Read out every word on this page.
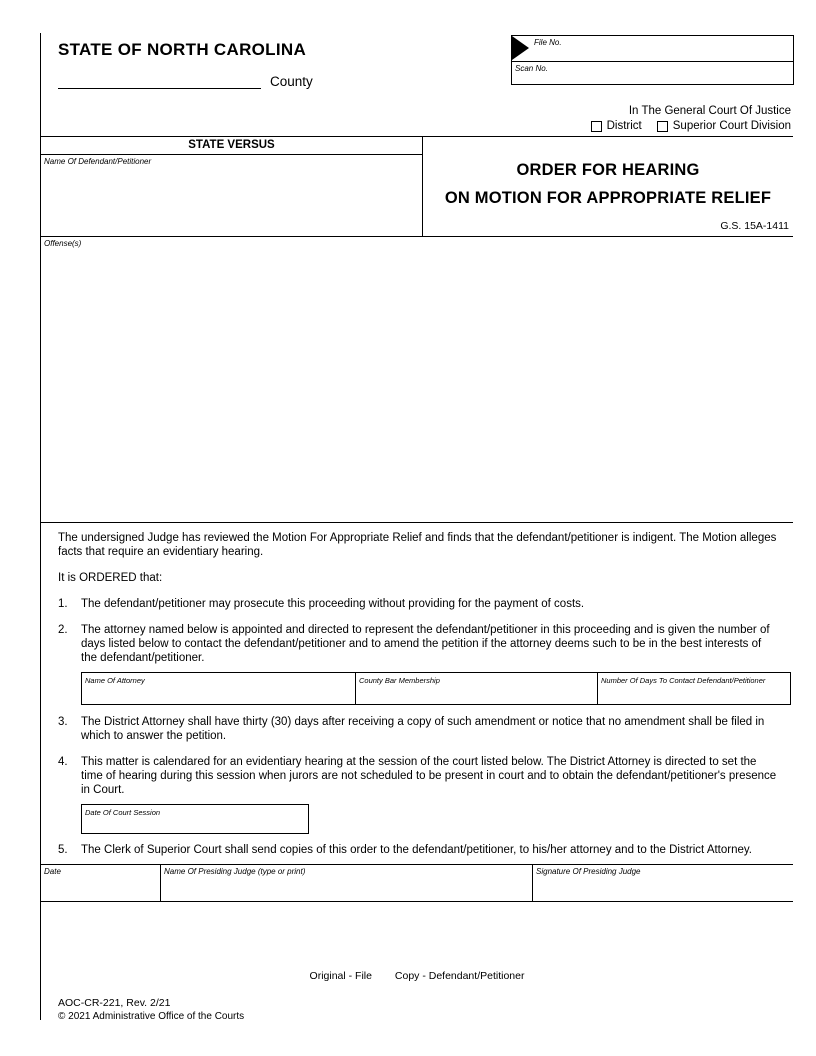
STATE OF NORTH CAROLINA
County
File No.
Scan No.
In The General Court Of Justice
District	Superior Court Division
STATE VERSUS
Name Of Defendant/Petitioner	ORDER FOR HEARING
ON MOTION FOR APPROPRIATE RELIEF
G.S. 15A-1411
Offense(s)

The undersigned Judge has reviewed the Motion For Appropriate Relief and finds that the defendant/petitioner is indigent. The Motion alleges facts that require an evidentiary hearing.

It is ORDERED that:

1.	The defendant/petitioner may prosecute this proceeding without providing for the payment of costs.
2.	The attorney named below is appointed and directed to represent the defendant/petitioner in this proceeding and is given the number of days listed below to contact the defendant/petitioner and to amend the petition if the attorney deems such to be in the best interests of the defendant/petitioner.
Name Of Attorney	County Bar Membership	Number Of Days To Contact Defendant/Petitioner
3.	The District Attorney shall have thirty (30) days after receiving a copy of such amendment or notice that no amendment shall be filed in which to answer the petition.
4.	This matter is calendared for an evidentiary hearing at the session of the court listed below. The District Attorney is directed to set the time of hearing during this session when jurors are not scheduled to be present in court and to obtain the defendant/petitioner's presence in Court.
Date Of Court Session
5.	The Clerk of Superior Court shall send copies of this order to the defendant/petitioner, to his/her attorney and to the District Attorney.
Date	Name Of Presiding Judge (type or print)	Signature Of Presiding Judge
Original - File Copy - Defendant/Petitioner
AOC-CR-221, Rev. 2/21
© 2021 Administrative Office of the Courts
